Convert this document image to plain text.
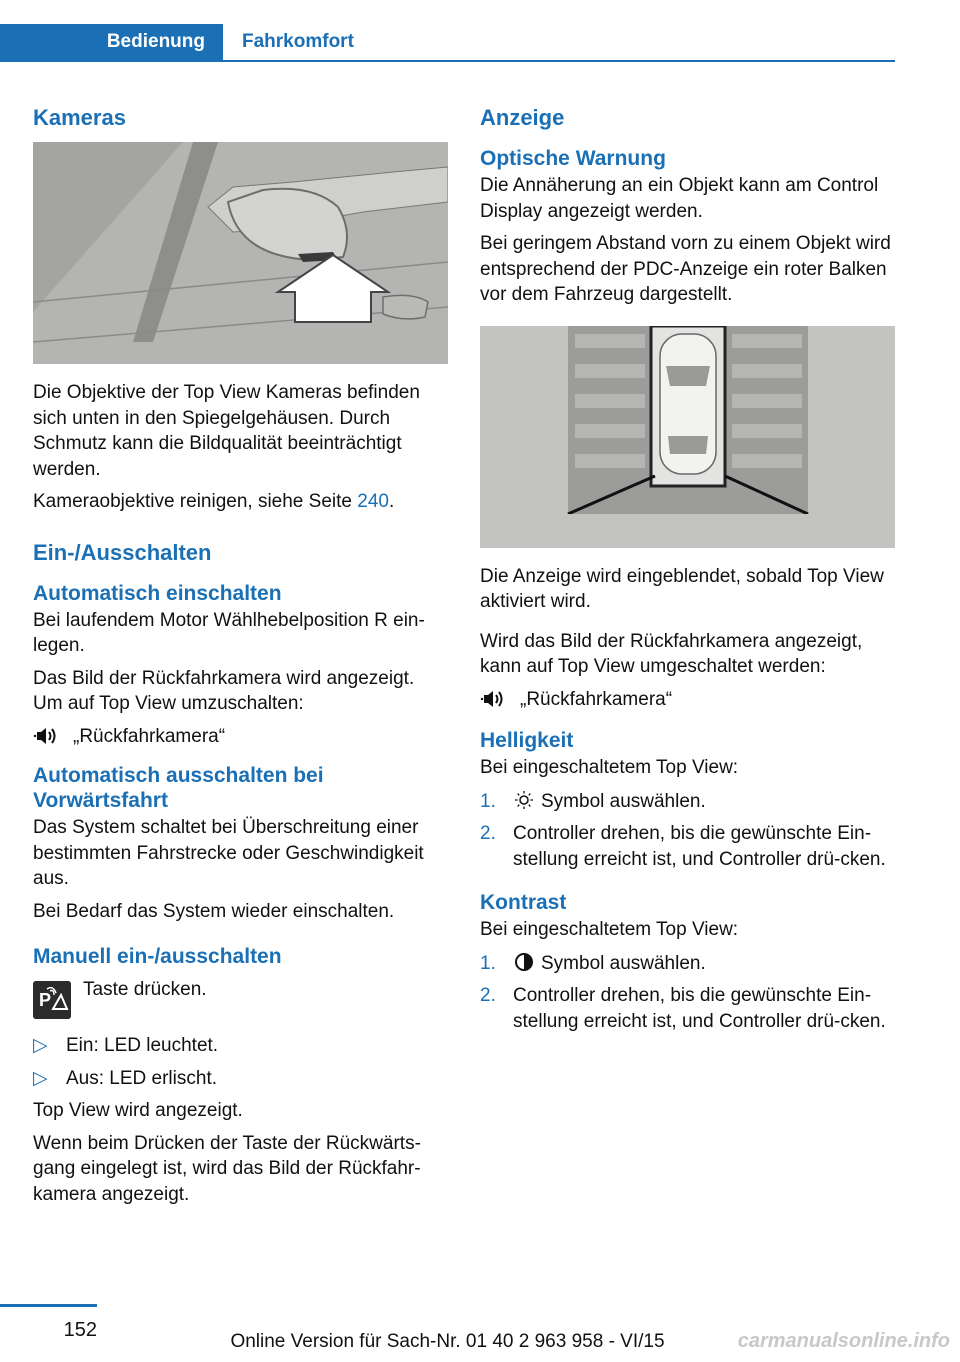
Bedienung	Fahrkomfort
Kameras

Die Objektive der Top View Kameras befinden sich unten in den Spiegelgehäusen. Durch Schmutz kann die Bildqualität beeinträchtigt werden.

Kameraobjektive reinigen, siehe Seite 240.

Ein-/Ausschalten
Automatisch einschalten

Bei laufendem Motor Wählhebelposition R ein-legen.

Das Bild der Rückfahrkamera wird angezeigt. Um auf Top View umzuschalten:

„Rückfahrkamera“
Automatisch ausschalten bei Vorwärtsfahrt

Das System schaltet bei Überschreitung einer bestimmten Fahrstrecke oder Geschwindigkeit aus.

Bei Bedarf das System wieder einschalten.

Manuell ein-/ausschalten
P Taste drücken.
▷ Ein: LED leuchtet.
▷ Aus: LED erlischt.

Top View wird angezeigt.

Wenn beim Drücken der Taste der Rückwärts-gang eingelegt ist, wird das Bild der Rückfahr-kamera angezeigt.

Anzeige
Optische Warnung

Die Annäherung an ein Objekt kann am Control Display angezeigt werden.

Bei geringem Abstand vorn zu einem Objekt wird entsprechend der PDC-Anzeige ein roter Balken vor dem Fahrzeug dargestellt.

Die Anzeige wird eingeblendet, sobald Top View aktiviert wird.

Wird das Bild der Rückfahrkamera angezeigt, kann auf Top View umgeschaltet werden:

„Rückfahrkamera“
Helligkeit

Bei eingeschaltetem Top View:

1. Symbol auswählen.
2. Controller drehen, bis die gewünschte Ein-stellung erreicht ist, und Controller drü-cken.
Kontrast

Bei eingeschaltetem Top View:

1. Symbol auswählen.
2. Controller drehen, bis die gewünschte Ein-stellung erreicht ist, und Controller drü-cken.
152
Online Version für Sach-Nr. 01 40 2 963 958 - VI/15	carmanualsonline.info
